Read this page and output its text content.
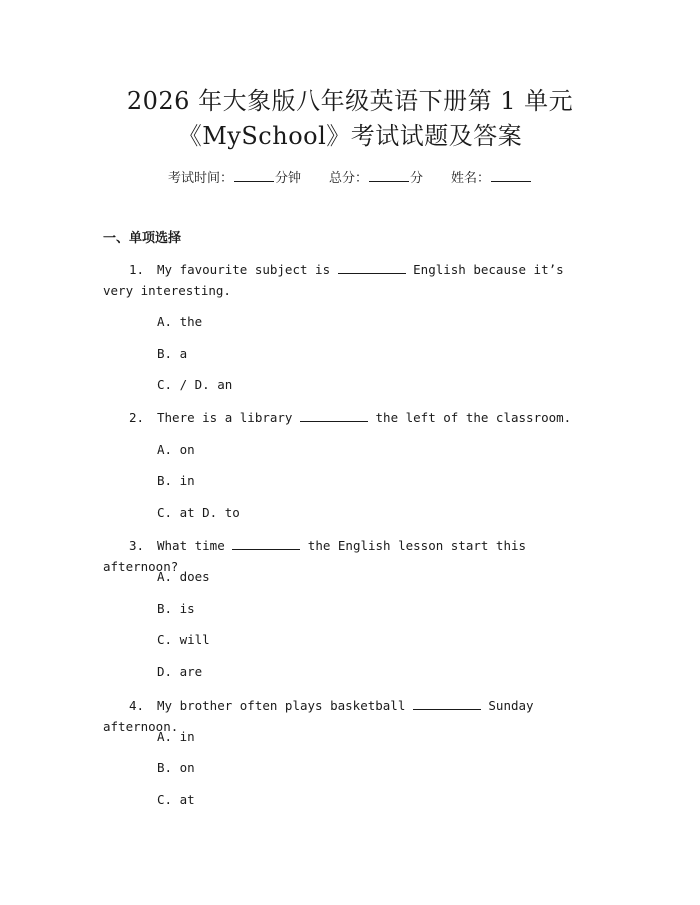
2026 年大象版八年级英语下册第 1 单元
《MySchool》考试试题及答案
考试时间：	分钟 总分：	分 姓名：
一、单项选择
1. My favourite subject is	English because it’s very interesting.
A. the
B. a
C. / D. an
2. There is a library	the left of the classroom.
A. on
B. in
C. at D. to
3. What time	the English lesson start this afternoon?
A. does
B. is
C. will
D. are
4. My brother often plays basketball	Sunday afternoon.
A. in
B. on
C. at
